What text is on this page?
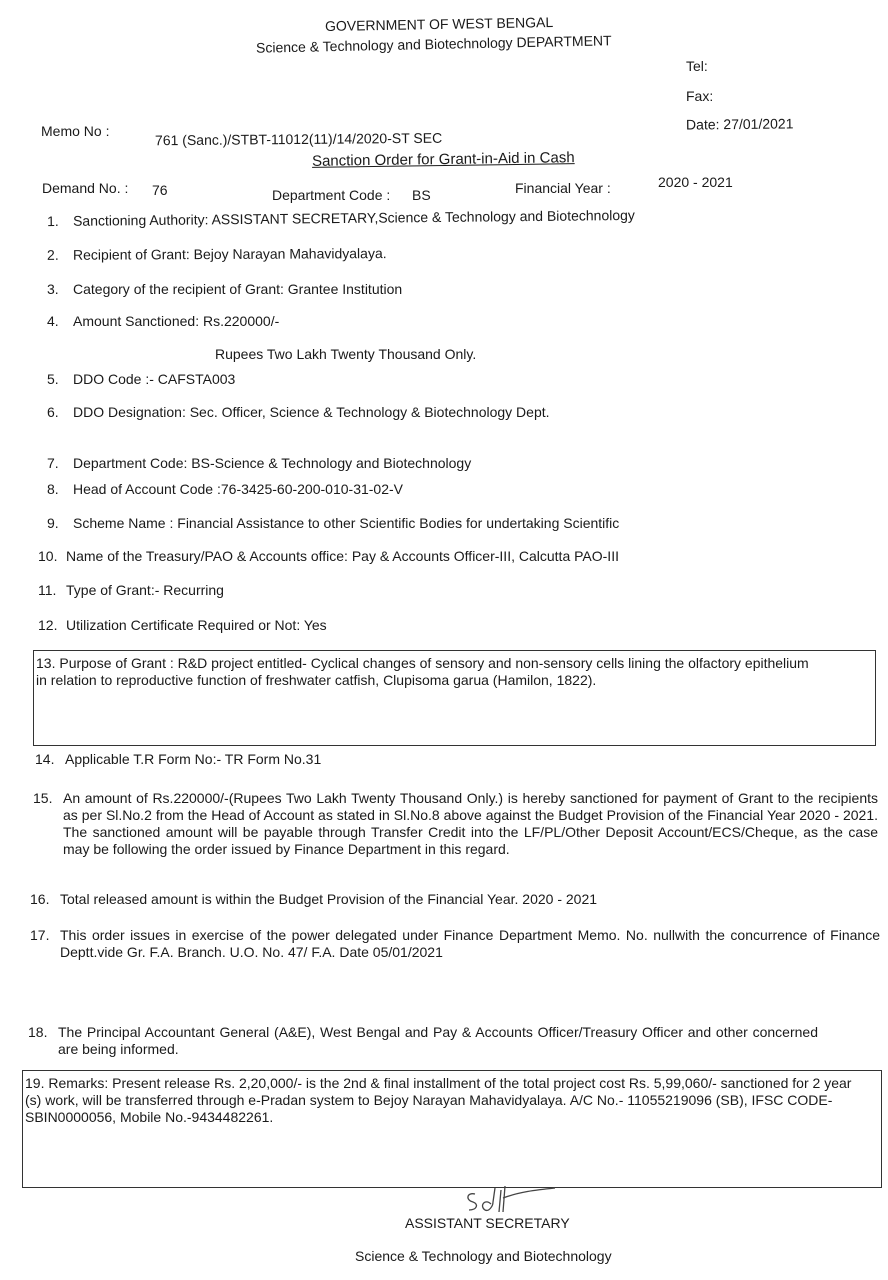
GOVERNMENT OF WEST BENGAL
Science & Technology and Biotechnology DEPARTMENT
Tel:
Fax:
Date: 27/01/2021
Memo No :	761 (Sanc.)/STBT-11012(11)/14/2020-ST SEC
Sanction Order for Grant-in-Aid in Cash
Demand No. : 76	Department Code : BS	Financial Year :	2020 - 2021
1. Sanctioning Authority: ASSISTANT SECRETARY,Science & Technology and Biotechnology
2. Recipient of Grant: Bejoy Narayan Mahavidyalaya.
3. Category of the recipient of Grant: Grantee Institution
4. Amount Sanctioned: Rs.220000/-
Rupees Two Lakh Twenty Thousand Only.
5. DDO Code :- CAFSTA003
6. DDO Designation: Sec. Officer, Science & Technology & Biotechnology Dept.
7. Department Code: BS-Science & Technology and Biotechnology
8. Head of Account Code :76-3425-60-200-010-31-02-V
9. Scheme Name : Financial Assistance to other Scientific Bodies for undertaking Scientific
10. Name of the Treasury/PAO & Accounts office: Pay & Accounts Officer-III, Calcutta PAO-III
11. Type of Grant:- Recurring
12. Utilization Certificate Required or Not: Yes
13. Purpose of Grant : R&D project entitled- Cyclical changes of sensory and non-sensory cells lining the olfactory epithelium in relation to reproductive function of freshwater catfish, Clupisoma garua (Hamilon, 1822).
14. Applicable T.R Form No:- TR Form No.31
15. An amount of Rs.220000/-(Rupees Two Lakh Twenty Thousand Only.) is hereby sanctioned for payment of Grant to the recipients as per Sl.No.2 from the Head of Account as stated in Sl.No.8 above against the Budget Provision of the Financial Year 2020 - 2021. The sanctioned amount will be payable through Transfer Credit into the LF/PL/Other Deposit Account/ECS/Cheque, as the case may be following the order issued by Finance Department in this regard.
16. Total released amount is within the Budget Provision of the Financial Year. 2020 - 2021
17. This order issues in exercise of the power delegated under Finance Department Memo. No. nullwith the concurrence of Finance Deptt.vide Gr. F.A. Branch. U.O. No. 47/ F.A. Date 05/01/2021
18. The Principal Accountant General (A&E), West Bengal and Pay & Accounts Officer/Treasury Officer and other concerned are being informed.
19. Remarks: Present release Rs. 2,20,000/- is the 2nd & final installment of the total project cost Rs. 5,99,060/- sanctioned for 2 year (s) work, will be transferred through e-Pradan system to Bejoy Narayan Mahavidyalaya. A/C No.- 11055219096 (SB), IFSC CODE-SBIN0000056, Mobile No.-9434482261.
ASSISTANT SECRETARY
Science & Technology and Biotechnology
